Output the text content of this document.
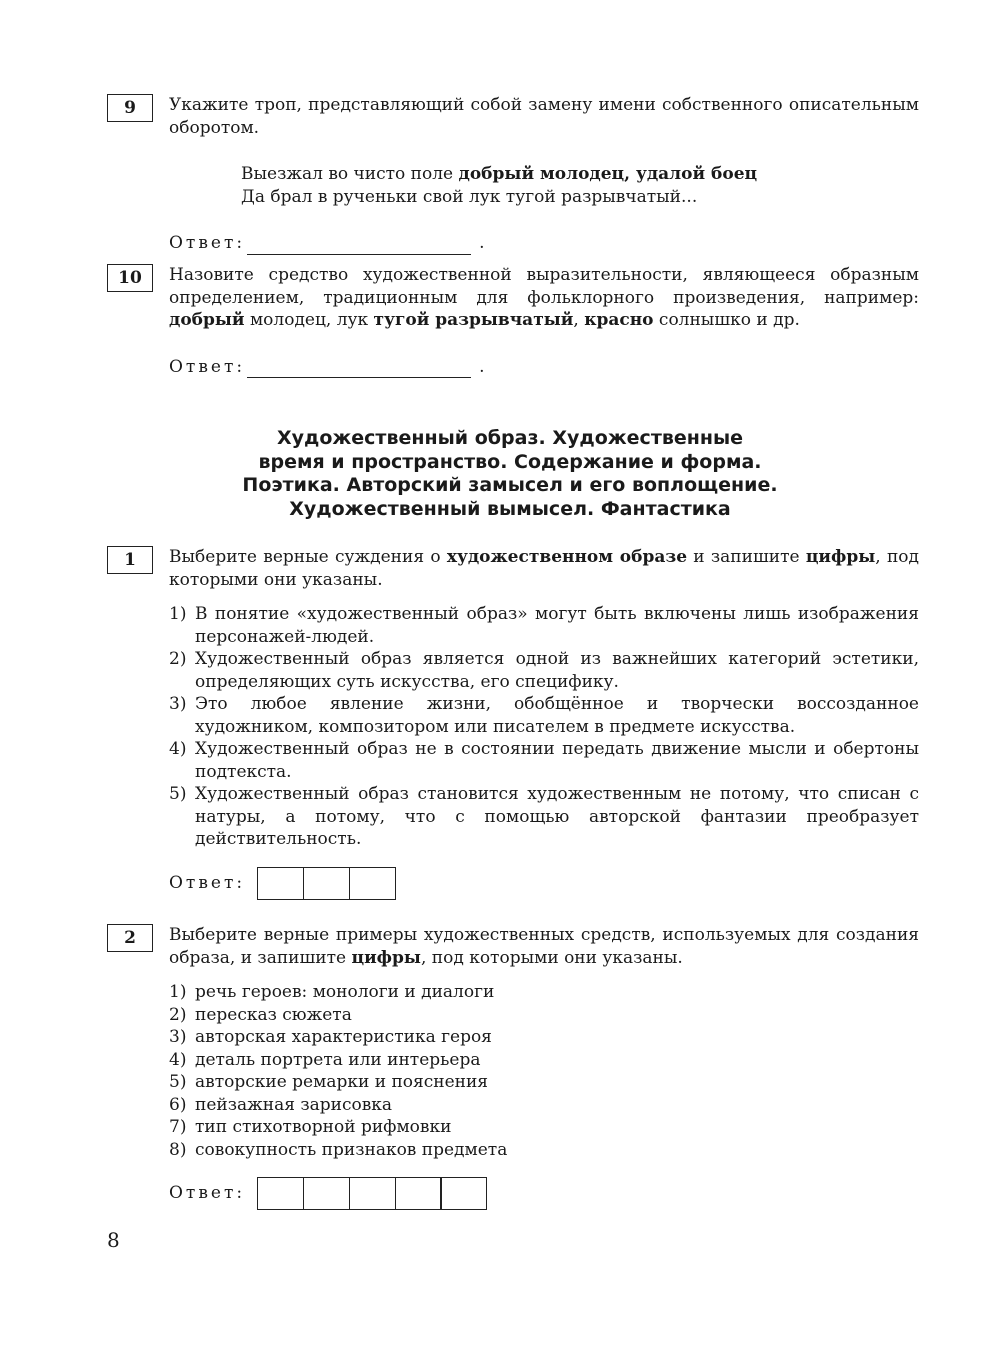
9	Укажите троп, представляющий собой замену имени собственного описательным оборотом.

Выезжал во чисто поле добрый молодец, удалой боец
Да брал в рученьки свой лук тугой разрывчатый...
Ответ:	.
10	Назовите средство художественной выразительности, являющееся образным определением, традиционным для фольклорного произведения, например: добрый молодец, лук тугой разрывчатый, красно солнышко и др.

Ответ:	.
Художественный образ. Художественные
время и пространство. Содержание и форма.
Поэтика. Авторский замысел и его воплощение.
Художественный вымысел. Фантастика
1	Выберите верные суждения о художественном образе и запишите цифры, под которыми они указаны.

1) В понятие «художественный образ» могут быть включены лишь изображения персонажей-людей.
2) Художественный образ является одной из важнейших категорий эстетики, определяющих суть искусства, его специфику.
3) Это любое явление жизни, обобщённое и творчески воссозданное художником, композитором или писателем в предмете искусства.
4) Художественный образ не в состоянии передать движение мысли и обертоны подтекста.
5) Художественный образ становится художественным не потому, что списан с натуры, а потому, что с помощью авторской фантазии преобразует действительность.
Ответ:
2	Выберите верные примеры художественных средств, используемых для создания образа, и запишите цифры, под которыми они указаны.

1) речь героев: монологи и диалоги
2) пересказ сюжета
3) авторская характеристика героя
4) деталь портрета или интерьера
5) авторские ремарки и пояснения
6) пейзажная зарисовка
7) тип стихотворной рифмовки
8) совокупность признаков предмета
Ответ:
8
